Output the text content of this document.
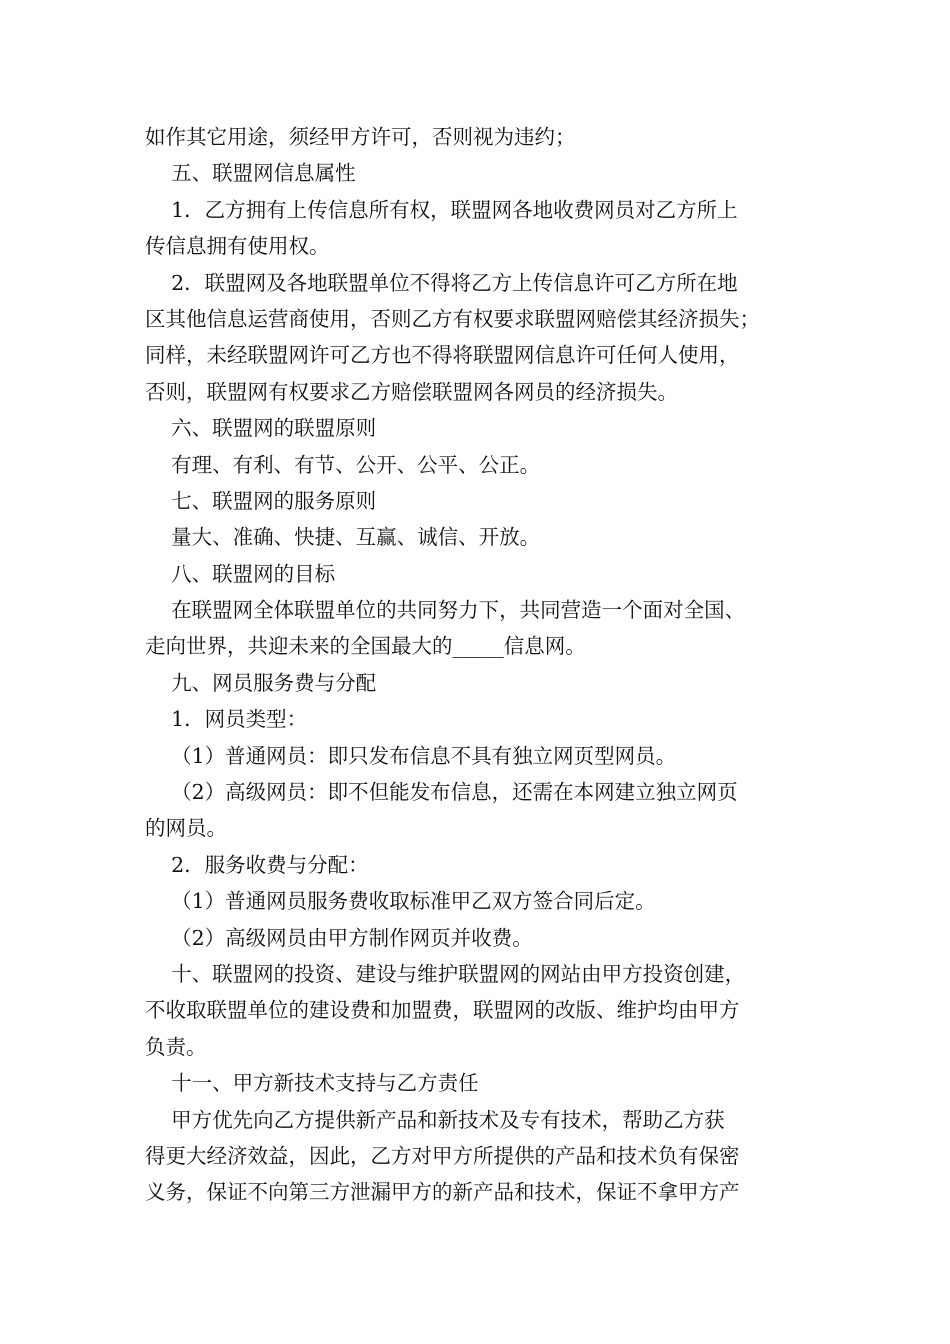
如作其它用途，须经甲方许可，否则视为违约；
五、联盟网信息属性
1．乙方拥有上传信息所有权，联盟网各地收费网员对乙方所上
传信息拥有使用权。
2．联盟网及各地联盟单位不得将乙方上传信息许可乙方所在地
区其他信息运营商使用，否则乙方有权要求联盟网赔偿其经济损失；
同样，未经联盟网许可乙方也不得将联盟网信息许可任何人使用，
否则，联盟网有权要求乙方赔偿联盟网各网员的经济损失。
六、联盟网的联盟原则
有理、有利、有节、公开、公平、公正。
七、联盟网的服务原则
量大、准确、快捷、互赢、诚信、开放。
八、联盟网的目标
在联盟网全体联盟单位的共同努力下，共同营造一个面对全国、
走向世界，共迎未来的全国最大的_____信息网。
九、网员服务费与分配
1．网员类型：
（1）普通网员：即只发布信息不具有独立网页型网员。
（2）高级网员：即不但能发布信息，还需在本网建立独立网页
的网员。
2．服务收费与分配：
（1）普通网员服务费收取标准甲乙双方签合同后定。
（2）高级网员由甲方制作网页并收费。
十、联盟网的投资、建设与维护联盟网的网站由甲方投资创建，
不收取联盟单位的建设费和加盟费，联盟网的改版、维护均由甲方
负责。
十一、甲方新技术支持与乙方责任
甲方优先向乙方提供新产品和新技术及专有技术，帮助乙方获
得更大经济效益，因此，乙方对甲方所提供的产品和技术负有保密
义务，保证不向第三方泄漏甲方的新产品和技术，保证不拿甲方产
